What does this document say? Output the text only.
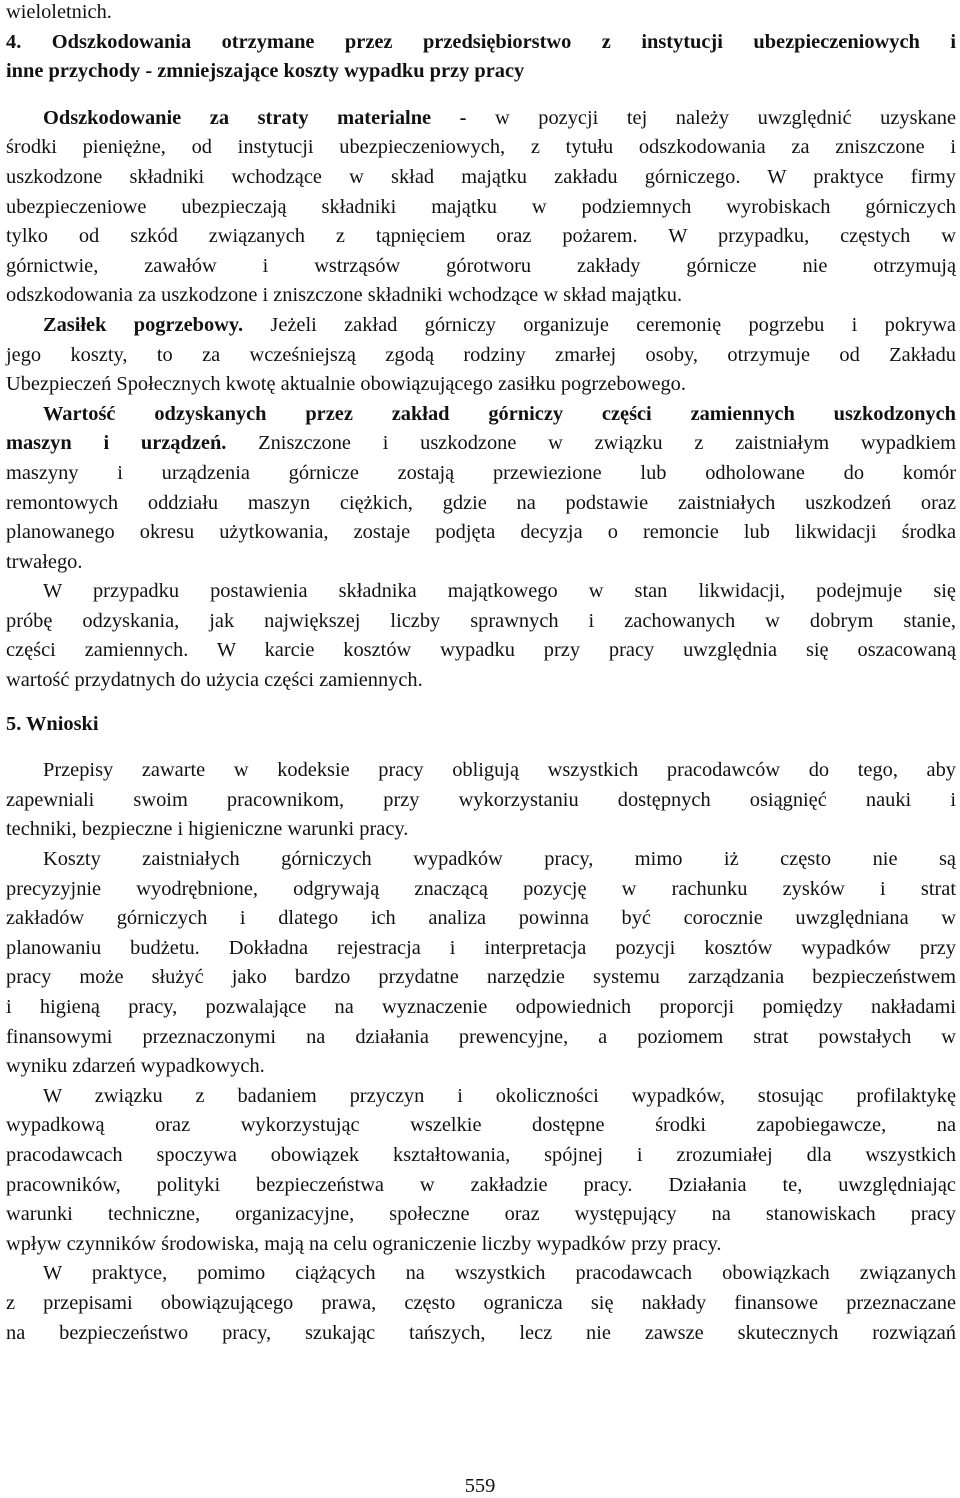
wieloletnich.
4. Odszkodowania otrzymane przez przedsiębiorstwo z instytucji ubezpieczeniowych i
inne przychody - zmniejszające koszty wypadku przy pracy
Odszkodowanie za straty materialne - w pozycji tej należy uwzględnić uzyskane
środki pieniężne, od instytucji ubezpieczeniowych, z tytułu odszkodowania za zniszczone i
uszkodzone składniki wchodzące w skład majątku zakładu górniczego. W praktyce firmy
ubezpieczeniowe ubezpieczają składniki majątku w podziemnych wyrobiskach górniczych
tylko od szkód związanych z tąpnięciem oraz pożarem. W przypadku, częstych w
górnictwie, zawałów i wstrząsów górotworu zakłady górnicze nie otrzymują
odszkodowania za uszkodzone i zniszczone składniki wchodzące w skład majątku.
Zasiłek pogrzebowy. Jeżeli zakład górniczy organizuje ceremonię pogrzebu i pokrywa
jego koszty, to za wcześniejszą zgodą rodziny zmarłej osoby, otrzymuje od Zakładu
Ubezpieczeń Społecznych kwotę aktualnie obowiązującego zasiłku pogrzebowego.
Wartość odzyskanych przez zakład górniczy części zamiennych uszkodzonych
maszyn i urządzeń. Zniszczone i uszkodzone w związku z zaistniałym wypadkiem
maszyny i urządzenia górnicze zostają przewiezione lub odholowane do komór
remontowych oddziału maszyn ciężkich, gdzie na podstawie zaistniałych uszkodzeń oraz
planowanego okresu użytkowania, zostaje podjęta decyzja o remoncie lub likwidacji środka
trwałego.
W przypadku postawienia składnika majątkowego w stan likwidacji, podejmuje się
próbę odzyskania, jak największej liczby sprawnych i zachowanych w dobrym stanie,
części zamiennych. W karcie kosztów wypadku przy pracy uwzględnia się oszacowaną
wartość przydatnych do użycia części zamiennych.
5. Wnioski
Przepisy zawarte w kodeksie pracy obligują wszystkich pracodawców do tego, aby
zapewniali swoim pracownikom, przy wykorzystaniu dostępnych osiągnięć nauki i
techniki, bezpieczne i higieniczne warunki pracy.
Koszty zaistniałych górniczych wypadków pracy, mimo iż często nie są
precyzyjnie wyodrębnione, odgrywają znaczącą pozycję w rachunku zysków i strat
zakładów górniczych i dlatego ich analiza powinna być corocznie uwzględniana w
planowaniu budżetu. Dokładna rejestracja i interpretacja pozycji kosztów wypadków przy
pracy może służyć jako bardzo przydatne narzędzie systemu zarządzania bezpieczeństwem
i higieną pracy, pozwalające na wyznaczenie odpowiednich proporcji pomiędzy nakładami
finansowymi przeznaczonymi na działania prewencyjne, a poziomem strat powstałych w
wyniku zdarzeń wypadkowych.
W związku z badaniem przyczyn i okoliczności wypadków, stosując profilaktykę
wypadkową oraz wykorzystując wszelkie dostępne środki zapobiegawcze, na
pracodawcach spoczywa obowiązek kształtowania, spójnej i zrozumiałej dla wszystkich
pracowników, polityki bezpieczeństwa w zakładzie pracy. Działania te, uwzględniając
warunki techniczne, organizacyjne, społeczne oraz występujący na stanowiskach pracy
wpływ czynników środowiska, mają na celu ograniczenie liczby wypadków przy pracy.
W praktyce, pomimo ciążących na wszystkich pracodawcach obowiązkach związanych
z przepisami obowiązującego prawa, często ogranicza się nakłady finansowe przeznaczane
na bezpieczeństwo pracy, szukając tańszych, lecz nie zawsze skutecznych rozwiązań
559
